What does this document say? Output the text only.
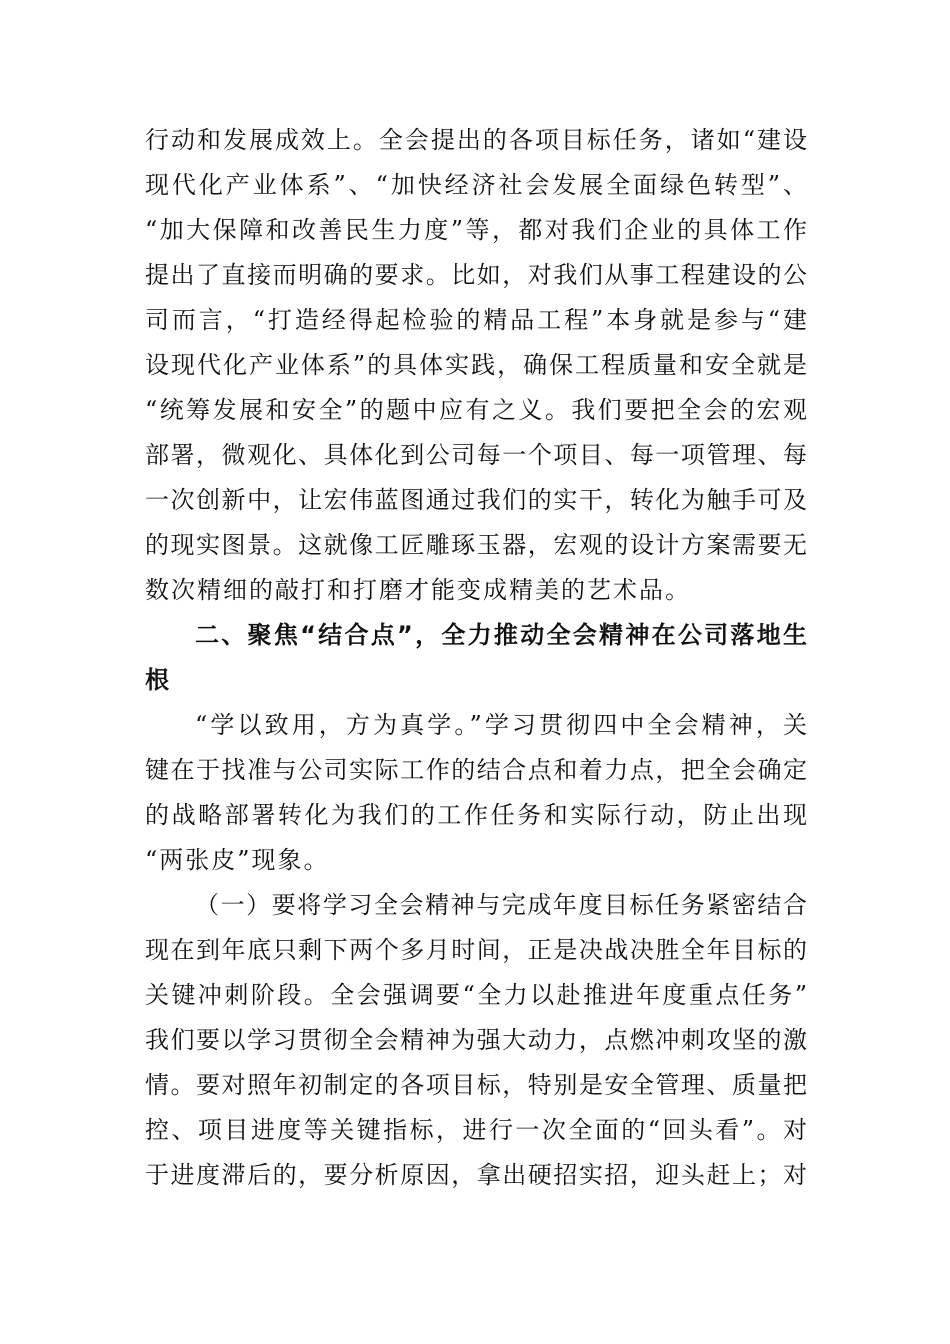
行动和发展成效上。全会提出的各项目标任务，诸如“建设
现代化产业体系”、“加快经济社会发展全面绿色转型”、
“加大保障和改善民生力度”等，都对我们企业的具体工作
提出了直接而明确的要求。比如，对我们从事工程建设的公
司而言，“打造经得起检验的精品工程”本身就是参与“建
设现代化产业体系”的具体实践，确保工程质量和安全就是
“统筹发展和安全”的题中应有之义。我们要把全会的宏观
部署，微观化、具体化到公司每一个项目、每一项管理、每
一次创新中，让宏伟蓝图通过我们的实干，转化为触手可及
的现实图景。这就像工匠雕琢玉器，宏观的设计方案需要无
数次精细的敲打和打磨才能变成精美的艺术品。
二、聚焦“结合点”，全力推动全会精神在公司落地生
根
“学以致用，方为真学。”学习贯彻四中全会精神，关
键在于找准与公司实际工作的结合点和着力点，把全会确定
的战略部署转化为我们的工作任务和实际行动，防止出现
“两张皮”现象。
（一）要将学习全会精神与完成年度目标任务紧密结合
现在到年底只剩下两个多月时间，正是决战决胜全年目标的
关键冲刺阶段。全会强调要“全力以赴推进年度重点任务”
我们要以学习贯彻全会精神为强大动力，点燃冲刺攻坚的激
情。要对照年初制定的各项目标，特别是安全管理、质量把
控、项目进度等关键指标，进行一次全面的“回头看”。对
于进度滞后的，要分析原因，拿出硬招实招，迎头赶上；对
